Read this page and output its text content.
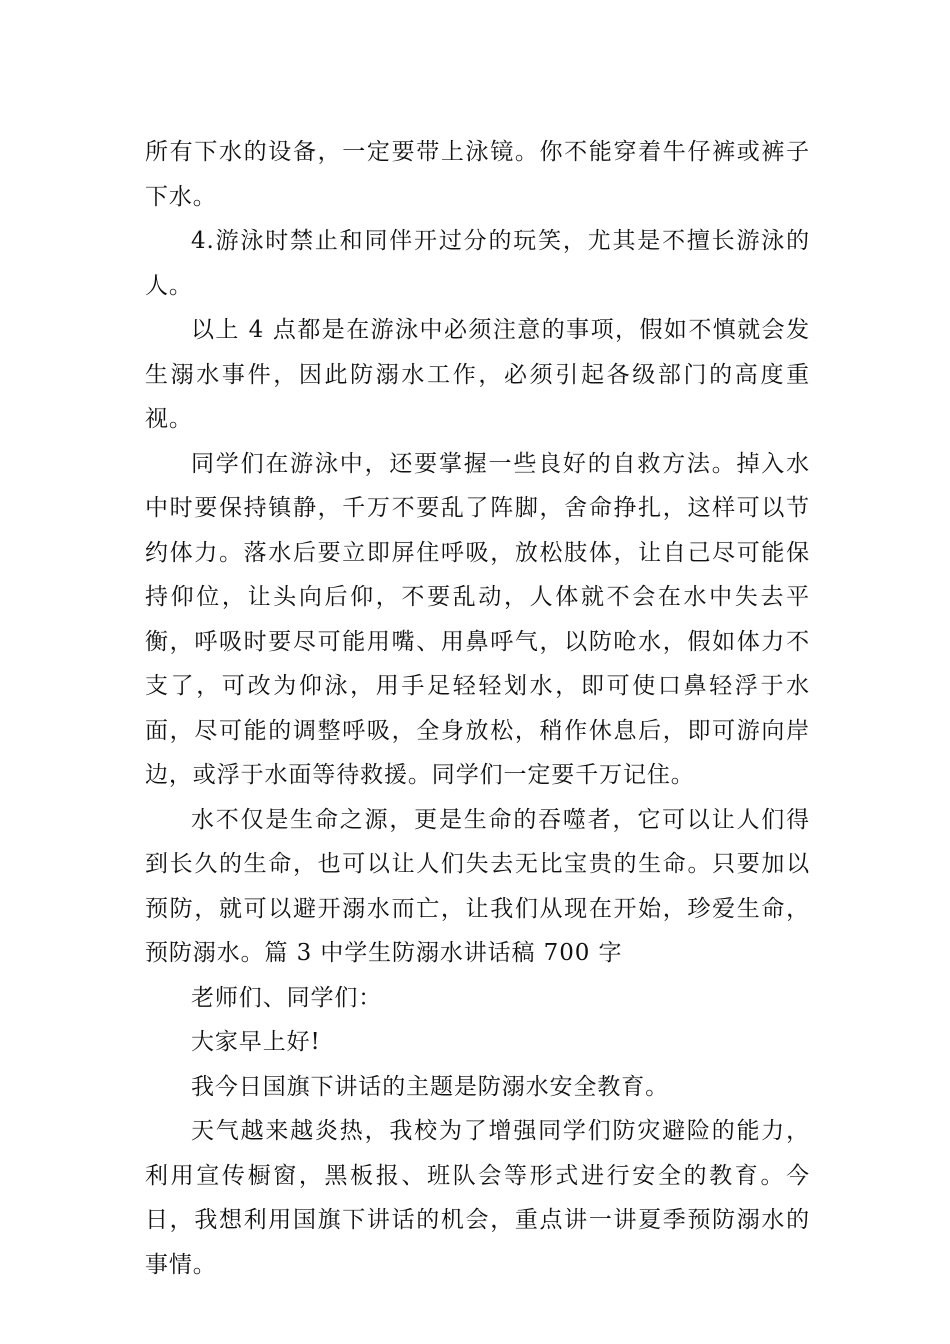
所有下水的设备，一定要带上泳镜。你不能穿着牛仔裤或裤子下水。

4.游泳时禁止和同伴开过分的玩笑，尤其是不擅长游泳的人。

以上 4 点都是在游泳中必须注意的事项，假如不慎就会发生溺水事件，因此防溺水工作，必须引起各级部门的高度重视。

同学们在游泳中，还要掌握一些良好的自救方法。掉入水中时要保持镇静，千万不要乱了阵脚，舍命挣扎，这样可以节约体力。落水后要立即屏住呼吸，放松肢体，让自己尽可能保持仰位，让头向后仰，不要乱动，人体就不会在水中失去平衡，呼吸时要尽可能用嘴、用鼻呼气，以防呛水，假如体力不支了，可改为仰泳，用手足轻轻划水，即可使口鼻轻浮于水面，尽可能的调整呼吸，全身放松，稍作休息后，即可游向岸边，或浮于水面等待救援。同学们一定要千万记住。

水不仅是生命之源，更是生命的吞噬者，它可以让人们得到长久的生命，也可以让人们失去无比宝贵的生命。只要加以预防，就可以避开溺水而亡，让我们从现在开始，珍爱生命，预防溺水。篇 3 中学生防溺水讲话稿 700 字

老师们、同学们：

大家早上好!

我今日国旗下讲话的主题是防溺水安全教育。

天气越来越炎热，我校为了增强同学们防灾避险的能力，利用宣传橱窗，黑板报、班队会等形式进行安全的教育。今日，我想利用国旗下讲话的机会，重点讲一讲夏季预防溺水的事情。
